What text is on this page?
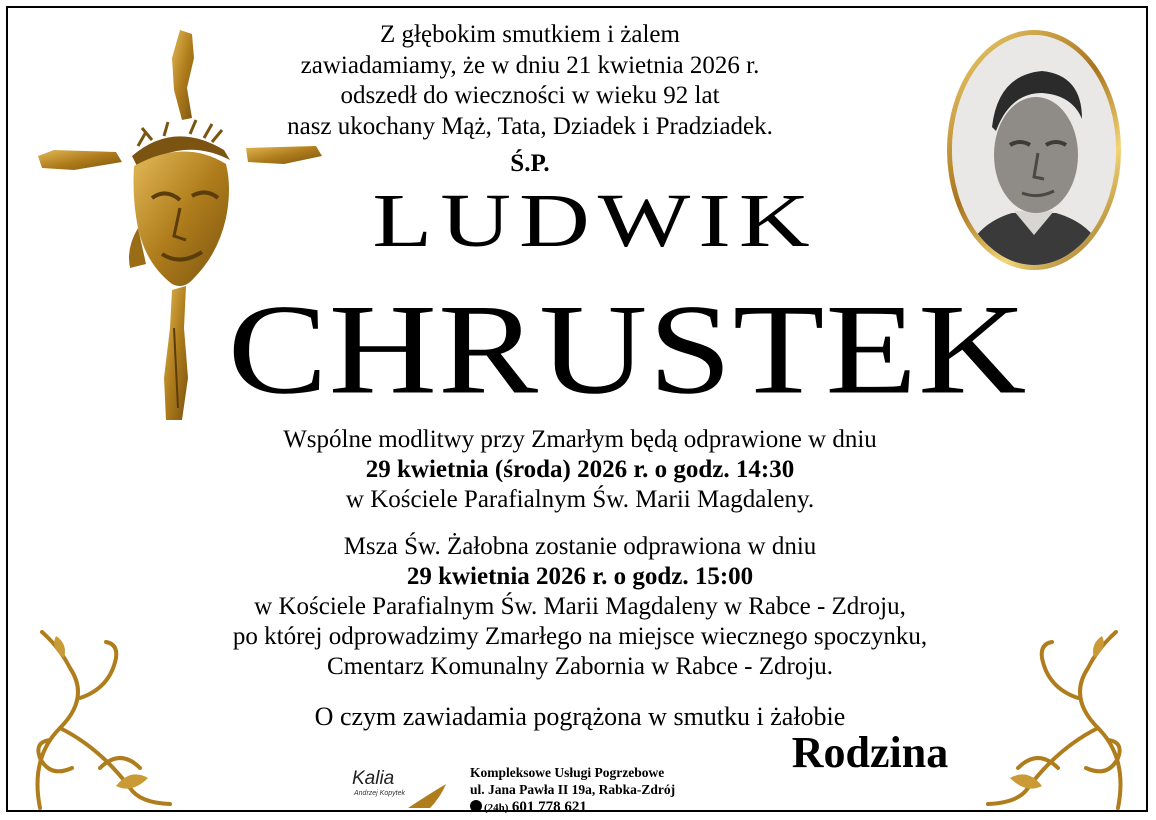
Z głębokim smutkiem i żalem
zawiadamiamy, że w dniu 21 kwietnia 2026 r.
odszedł do wieczności w wieku 92 lat
nasz ukochany Mąż, Tata, Dziadek i Pradziadek.
Ś.P.
LUDWIK
CHRUSTEK
Wspólne modlitwy przy Zmarłym będą odprawione w dniu
29 kwietnia (środa) 2026 r. o godz. 14:30
w Kościele Parafialnym Św. Marii Magdaleny.
Msza Św. Żałobna zostanie odprawiona w dniu
29 kwietnia 2026 r. o godz. 15:00
w Kościele Parafialnym Św. Marii Magdaleny w Rabce - Zdroju,
po której odprowadzimy Zmarłego na miejsce wiecznego spoczynku,
Cmentarz Komunalny Zabornia w Rabce - Zdroju.
O czym zawiadamia pogrążona w smutku i żałobie
Rodzina
Kalia
Andrzej Kopytek
Kompleksowe Usługi Pogrzebowe
ul. Jana Pawła II 19a, Rabka-Zdrój
(24h) 601 778 621
